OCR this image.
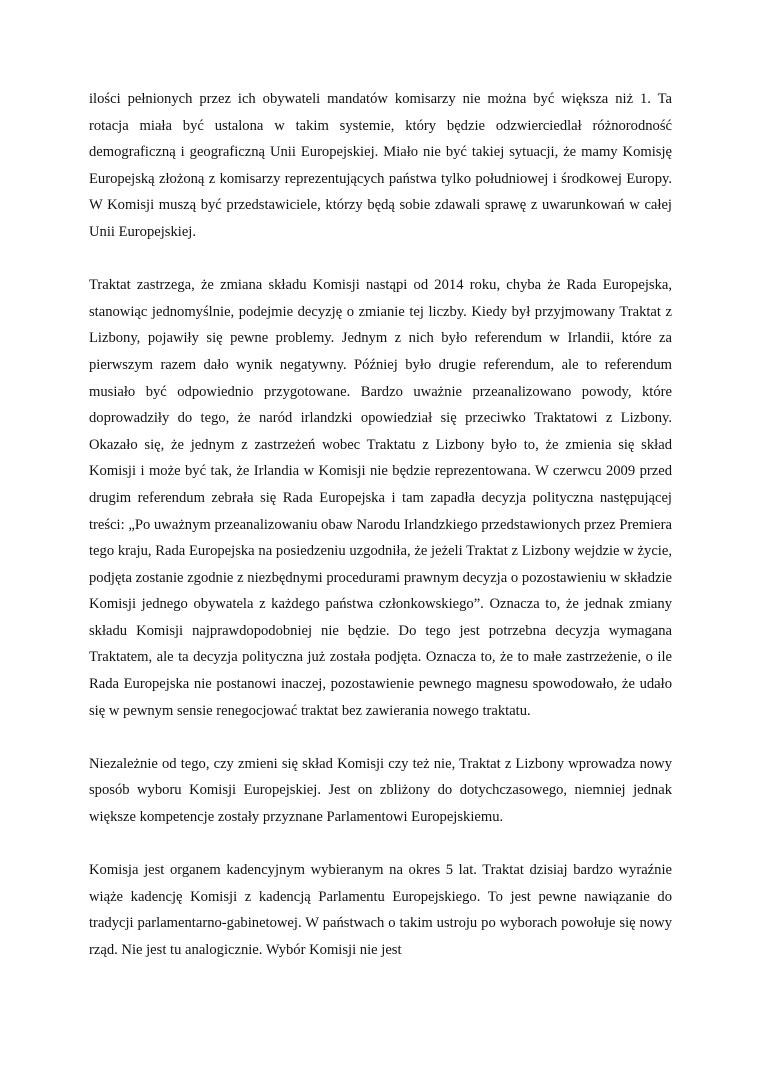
ilości pełnionych przez ich obywateli mandatów komisarzy nie można być większa niż 1. Ta rotacja miała być ustalona w takim systemie, który będzie odzwierciedlał różnorodność demograficzną i geograficzną Unii Europejskiej. Miało nie być takiej sytuacji, że mamy Komisję Europejską złożoną z komisarzy reprezentujących państwa tylko południowej i środkowej Europy. W Komisji muszą być przedstawiciele, którzy będą sobie zdawali sprawę z uwarunkowań w całej Unii Europejskiej.

Traktat zastrzega, że zmiana składu Komisji nastąpi od 2014 roku, chyba że Rada Europejska, stanowiąc jednomyślnie, podejmie decyzję o zmianie tej liczby. Kiedy był przyjmowany Traktat z Lizbony, pojawiły się pewne problemy. Jednym z nich było referendum w Irlandii, które za pierwszym razem dało wynik negatywny. Później było drugie referendum, ale to referendum musiało być odpowiednio przygotowane. Bardzo uważnie przeanalizowano powody, które doprowadziły do tego, że naród irlandzki opowiedział się przeciwko Traktatowi z Lizbony. Okazało się, że jednym z zastrzeżeń wobec Traktatu z Lizbony było to, że zmienia się skład Komisji i może być tak, że Irlandia w Komisji nie będzie reprezentowana. W czerwcu 2009 przed drugim referendum zebrała się Rada Europejska i tam zapadła decyzja polityczna następującej treści: „Po uważnym przeanalizowaniu obaw Narodu Irlandzkiego przedstawionych przez Premiera tego kraju, Rada Europejska na posiedzeniu uzgodniła, że jeżeli Traktat z Lizbony wejdzie w życie, podjęta zostanie zgodnie z niezbędnymi procedurami prawnym decyzja o pozostawieniu w składzie Komisji jednego obywatela z każdego państwa członkowskiego”. Oznacza to, że jednak zmiany składu Komisji najprawdopodobniej nie będzie. Do tego jest potrzebna decyzja wymagana Traktatem, ale ta decyzja polityczna już została podjęta. Oznacza to, że to małe zastrzeżenie, o ile Rada Europejska nie postanowi inaczej, pozostawienie pewnego magnesu spowodowało, że udało się w pewnym sensie renegocjować traktat bez zawierania nowego traktatu.

Niezależnie od tego, czy zmieni się skład Komisji czy też nie, Traktat z Lizbony wprowadza nowy sposób wyboru Komisji Europejskiej. Jest on zbliżony do dotychczasowego, niemniej jednak większe kompetencje zostały przyznane Parlamentowi Europejskiemu.

Komisja jest organem kadencyjnym wybieranym na okres 5 lat. Traktat dzisiaj bardzo wyraźnie wiąże kadencję Komisji z kadencją Parlamentu Europejskiego. To jest pewne nawiązanie do tradycji parlamentarno-gabinetowej. W państwach o takim ustroju po wyborach powołuje się nowy rząd. Nie jest tu analogicznie. Wybór Komisji nie jest
